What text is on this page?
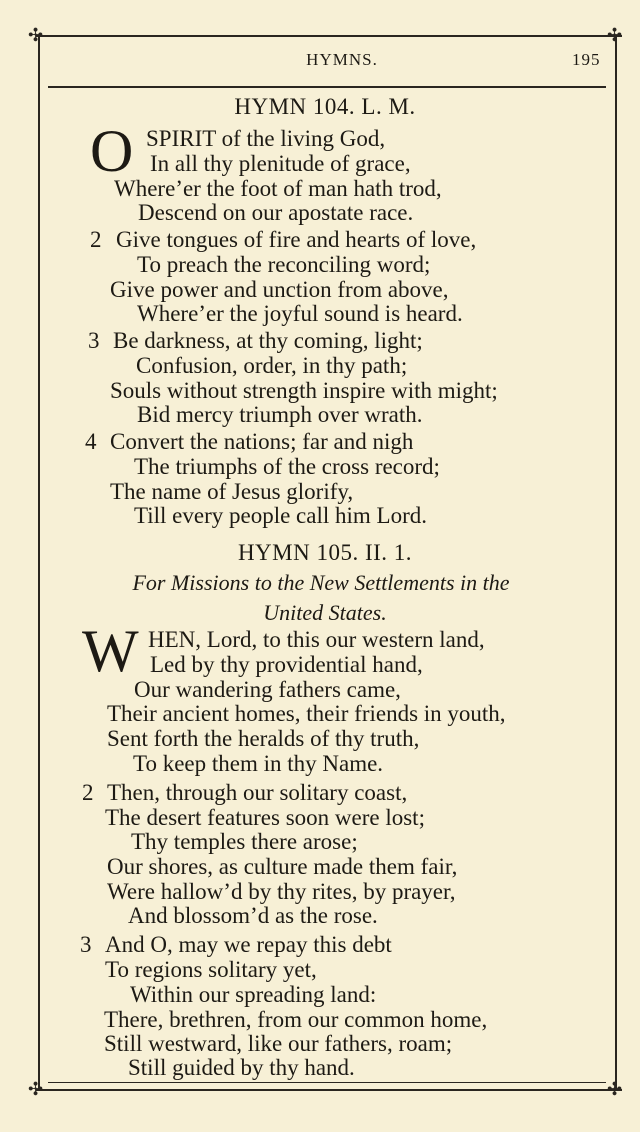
✣	✣
✣	✣
HYMNS.	195
HYMN 104. L. M.
O SPIRIT of the living God,
In all thy plenitude of grace,
Where’er the foot of man hath trod,
Descend on our apostate race.
2 Give tongues of fire and hearts of love,
To preach the reconciling word;
Give power and unction from above,
Where’er the joyful sound is heard.
3 Be darkness, at thy coming, light;
Confusion, order, in thy path;
Souls without strength inspire with might;
Bid mercy triumph over wrath.
4 Convert the nations; far and nigh
The triumphs of the cross record;
The name of Jesus glorify,
Till every people call him Lord.
HYMN 105. II. 1.
For Missions to the New Settlements in the
United States.
W HEN, Lord, to this our western land,
Led by thy providential hand,
Our wandering fathers came,
Their ancient homes, their friends in youth,
Sent forth the heralds of thy truth,
To keep them in thy Name.
2 Then, through our solitary coast,
The desert features soon were lost;
Thy temples there arose;
Our shores, as culture made them fair,
Were hallow’d by thy rites, by prayer,
And blossom’d as the rose.
3 And O, may we repay this debt
To regions solitary yet,
Within our spreading land:
There, brethren, from our common home,
Still westward, like our fathers, roam;
Still guided by thy hand.
